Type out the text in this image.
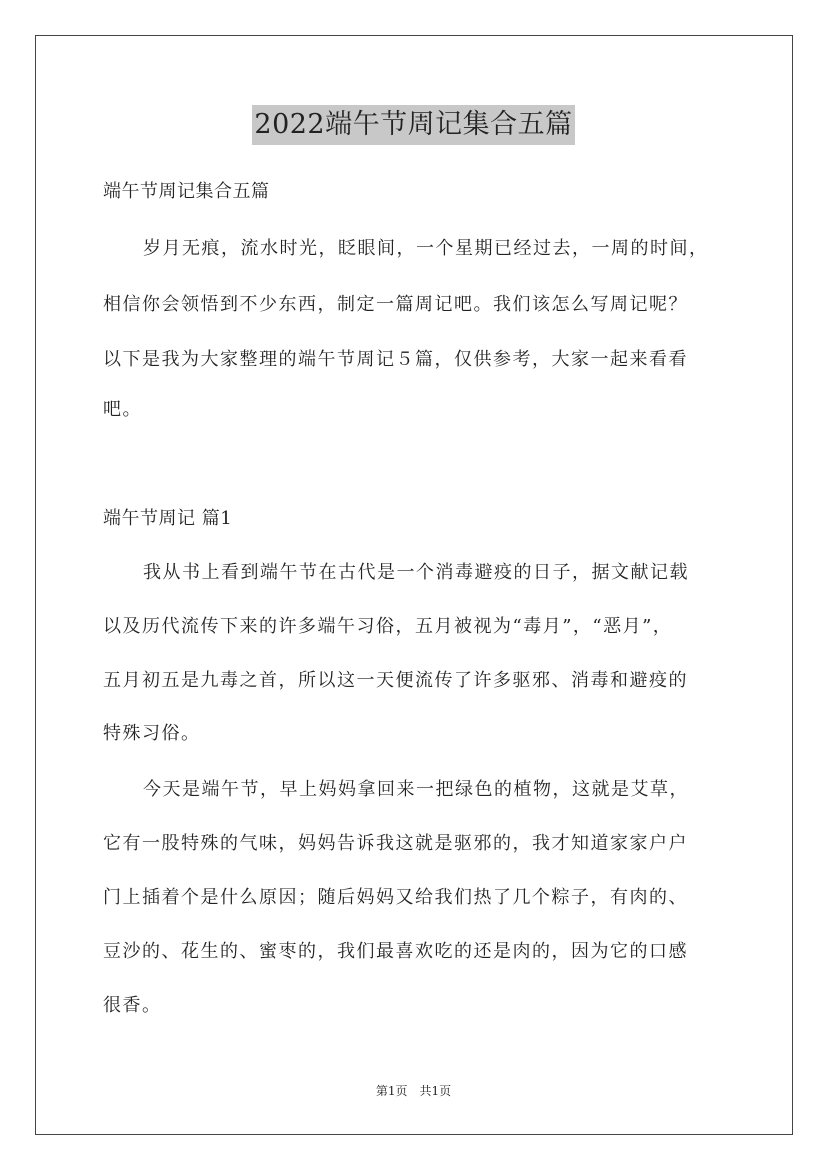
2022端午节周记集合五篇
端午节周记集合五篇
岁月无痕，流水时光，眨眼间，一个星期已经过去，一周的时间，
相信你会领悟到不少东西，制定一篇周记吧。我们该怎么写周记呢？
以下是我为大家整理的端午节周记５篇，仅供参考，大家一起来看看
吧。
端午节周记 篇1
我从书上看到端午节在古代是一个消毒避疫的日子，据文献记载
以及历代流传下来的许多端午习俗，五月被视为“毒月”，“恶月”，
五月初五是九毒之首，所以这一天便流传了许多驱邪、消毒和避疫的
特殊习俗。
今天是端午节，早上妈妈拿回来一把绿色的植物，这就是艾草，
它有一股特殊的气味，妈妈告诉我这就是驱邪的，我才知道家家户户
门上插着个是什么原因；随后妈妈又给我们热了几个粽子，有肉的、
豆沙的、花生的、蜜枣的，我们最喜欢吃的还是肉的，因为它的口感
很香。
第1页　共1页
